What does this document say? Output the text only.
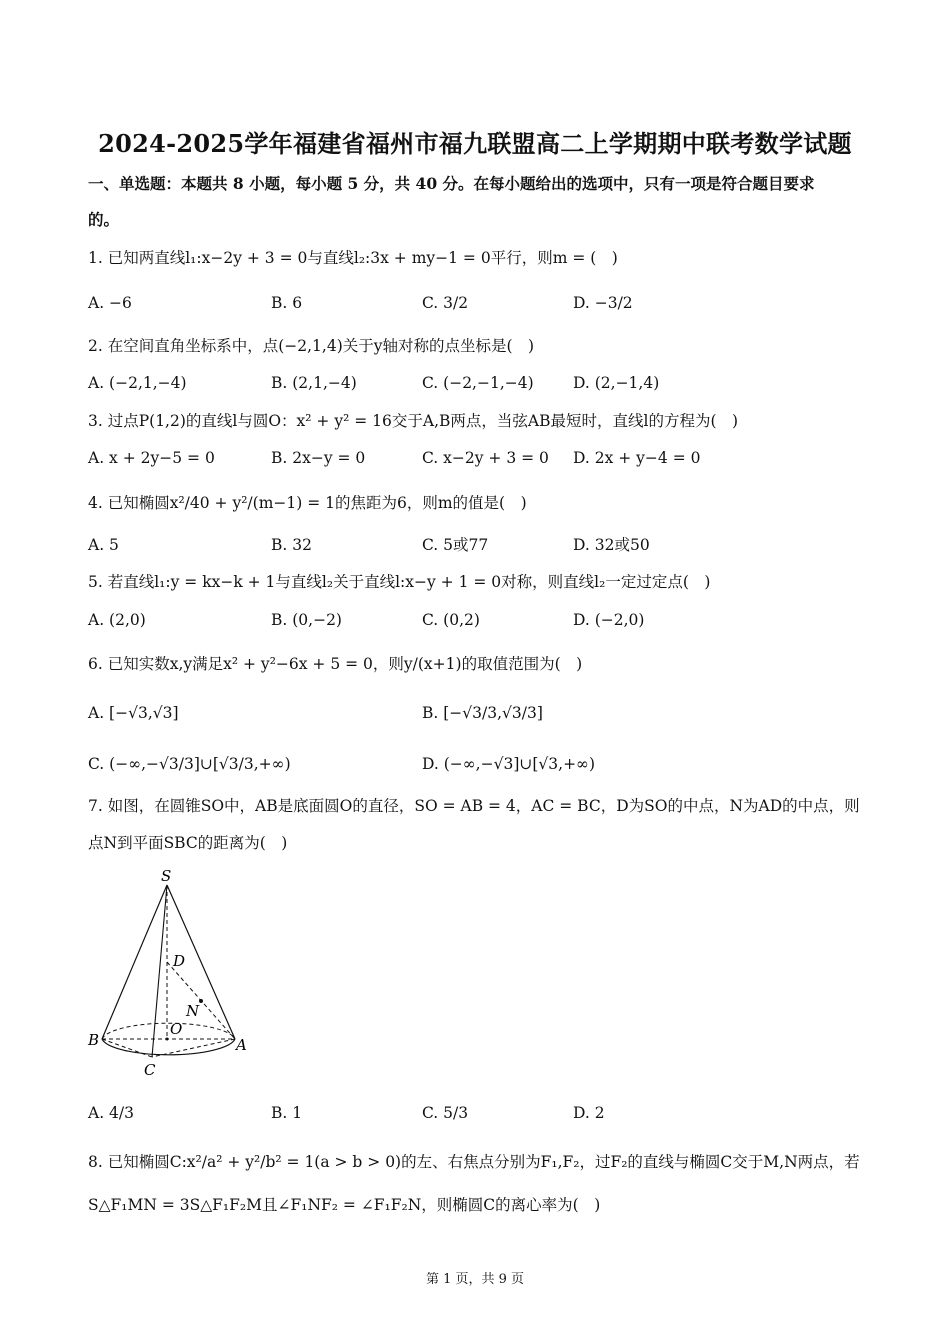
2024-2025学年福建省福州市福九联盟高二上学期期中联考数学试题
一、单选题：本题共 8 小题，每小题 5 分，共 40 分。在每小题给出的选项中，只有一项是符合题目要求
的。
1. 已知两直线l₁:x−2y + 3 = 0与直线l₂:3x + my−1 = 0平行，则m = (　)
A. −6	B. 6	C. 3/2	D. −3/2
2. 在空间直角坐标系中，点(−2,1,4)关于y轴对称的点坐标是(　)
A. (−2,1,−4)	B. (2,1,−4)	C. (−2,−1,−4)	D. (2,−1,4)
3. 过点P(1,2)的直线l与圆O：x² + y² = 16交于A,B两点，当弦AB最短时，直线l的方程为(　)
A. x + 2y−5 = 0	B. 2x−y = 0	C. x−2y + 3 = 0 D. 2x + y−4 = 0
4. 已知椭圆x²/40 + y²/(m−1) = 1的焦距为6，则m的值是(　)
A. 5	B. 32	C. 5或77	D. 32或50
5. 若直线l₁:y = kx−k + 1与直线l₂关于直线l:x−y + 1 = 0对称，则直线l₂一定过定点(　)
A. (2,0)	B. (0,−2)	C. (0,2)	D. (−2,0)
6. 已知实数x,y满足x² + y²−6x + 5 = 0，则y/(x+1)的取值范围为(　)
A. [−√3,√3]	B. [−√3/3,√3/3]
C. (−∞,−√3/3]∪[√3/3,+∞)	D. (−∞,−√3]∪[√3,+∞)
7. 如图，在圆锥SO中，AB是底面圆O的直径，SO = AB = 4，AC = BC，D为SO的中点，N为AD的中点，则
点N到平面SBC的距离为(　)
S
D
N
O
B	A
C
A. 4/3	B. 1	C. 5/3	D. 2
8. 已知椭圆C:x²/a² + y²/b² = 1(a > b > 0)的左、右焦点分别为F₁,F₂，过F₂的直线与椭圆C交于M,N两点，若
S△F₁MN = 3S△F₁F₂M且∠F₁NF₂ = ∠F₁F₂N，则椭圆C的离心率为(　)
第 1 页，共 9 页
